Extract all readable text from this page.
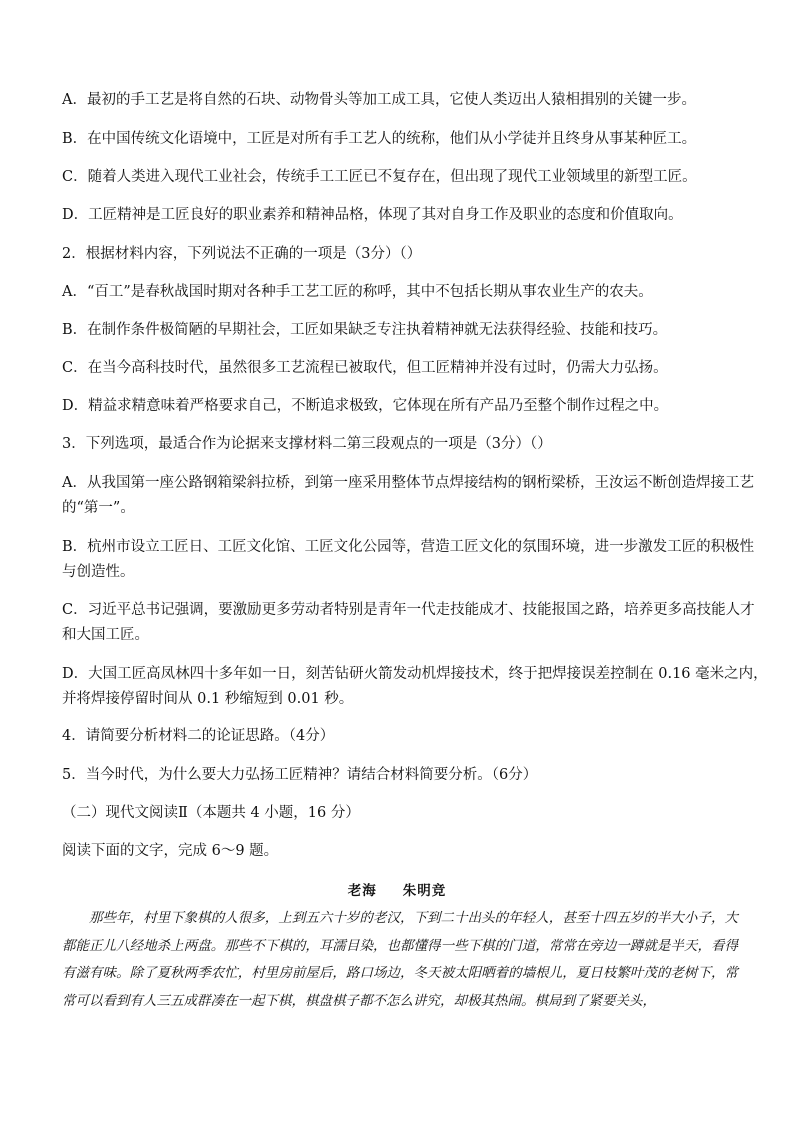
A．最初的手工艺是将自然的石块、动物骨头等加工成工具，它使人类迈出人猿相揖别的关键一步。
B．在中国传统文化语境中，工匠是对所有手工艺人的统称，他们从小学徒并且终身从事某种匠工。
C．随着人类进入现代工业社会，传统手工工匠已不复存在，但出现了现代工业领域里的新型工匠。
D．工匠精神是工匠良好的职业素养和精神品格，体现了其对自身工作及职业的态度和价值取向。
2．根据材料内容，下列说法不正确的一项是（3分）（）
A．“百工”是春秋战国时期对各种手工艺工匠的称呼，其中不包括长期从事农业生产的农夫。
B．在制作条件极简陋的早期社会，工匠如果缺乏专注执着精神就无法获得经验、技能和技巧。
C．在当今高科技时代，虽然很多工艺流程已被取代，但工匠精神并没有过时，仍需大力弘扬。
D．精益求精意味着严格要求自己，不断追求极致，它体现在所有产品乃至整个制作过程之中。
3．下列选项，最适合作为论据来支撑材料二第三段观点的一项是（3分）（）
A．从我国第一座公路钢箱梁斜拉桥，到第一座采用整体节点焊接结构的钢桁梁桥，王汝运不断创造焊接工艺
的“第一”。
B．杭州市设立工匠日、工匠文化馆、工匠文化公园等，营造工匠文化的氛围环境，进一步激发工匠的积极性
与创造性。
C．习近平总书记强调，要激励更多劳动者特别是青年一代走技能成才、技能报国之路，培养更多高技能人才
和大国工匠。
D．大国工匠高凤林四十多年如一日，刻苦钻研火箭发动机焊接技术，终于把焊接误差控制在 0.16 毫米之内，
并将焊接停留时间从 0.1 秒缩短到 0.01 秒。
4．请简要分析材料二的论证思路。（4分）
5．当今时代，为什么要大力弘扬工匠精神？请结合材料简要分析。（6分）
（二）现代文阅读Ⅱ（本题共 4 小题，16 分）
阅读下面的文字，完成 6～9 题。
老海 朱明竞
那些年，村里下象棋的人很多，上到五六十岁的老汉，下到二十出头的年轻人，甚至十四五岁的半大小子，大都能正儿八经地杀上两盘。那些不下棋的，耳濡目染，也都懂得一些下棋的门道，常常在旁边一蹲就是半天，看得有滋有味。除了夏秋两季农忙，村里房前屋后，路口场边，冬天被太阳晒着的墙根儿，夏日枝繁叶茂的老树下，常常可以看到有人三五成群凑在一起下棋，棋盘棋子都不怎么讲究，却极其热闹。棋局到了紧要关头，
